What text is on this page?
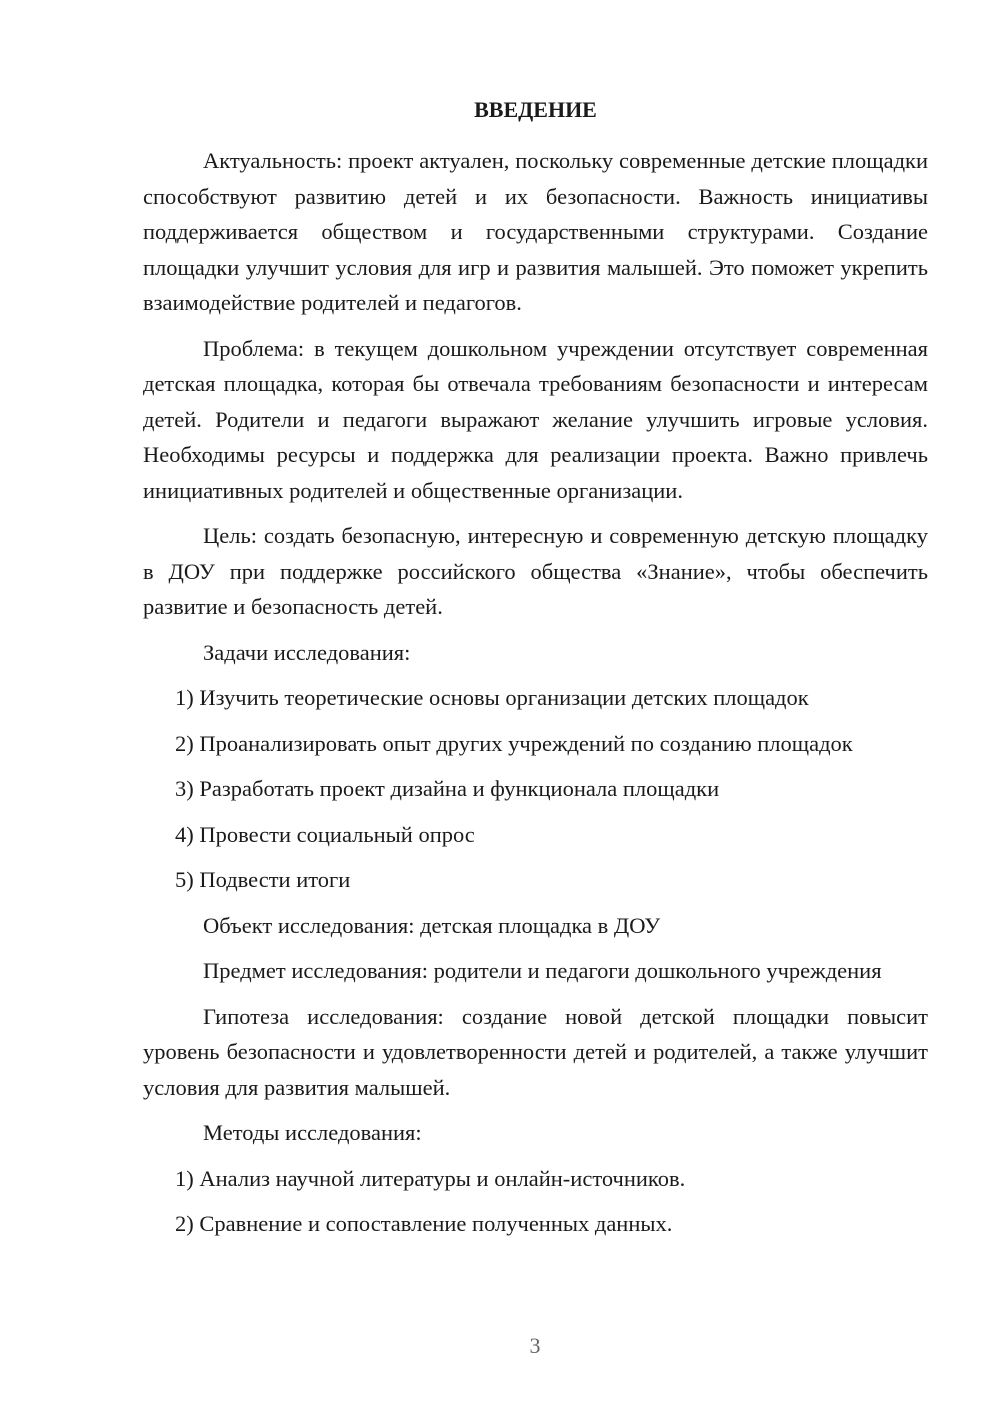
ВВЕДЕНИЕ

Актуальность: проект актуален, поскольку современные детские площадки способствуют развитию детей и их безопасности. Важность инициативы поддерживается обществом и государственными структурами. Создание площадки улучшит условия для игр и развития малышей. Это поможет укрепить взаимодействие родителей и педагогов.

Проблема: в текущем дошкольном учреждении отсутствует современная детская площадка, которая бы отвечала требованиям безопасности и интересам детей. Родители и педагоги выражают желание улучшить игровые условия. Необходимы ресурсы и поддержка для реализации проекта. Важно привлечь инициативных родителей и общественные организации.

Цель: создать безопасную, интересную и современную детскую площадку в ДОУ при поддержке российского общества «Знание», чтобы обеспечить развитие и безопасность детей.

Задачи исследования:

1) Изучить теоретические основы организации детских площадок

2) Проанализировать опыт других учреждений по созданию площадок

3) Разработать проект дизайна и функционала площадки

4) Провести социальный опрос

5) Подвести итоги

Объект исследования: детская площадка в ДОУ

Предмет исследования: родители и педагоги дошкольного учреждения

Гипотеза исследования: создание новой детской площадки повысит уровень безопасности и удовлетворенности детей и родителей, а также улучшит условия для развития малышей.

Методы исследования:

1) Анализ научной литературы и онлайн-источников.

2) Сравнение и сопоставление полученных данных.

3
